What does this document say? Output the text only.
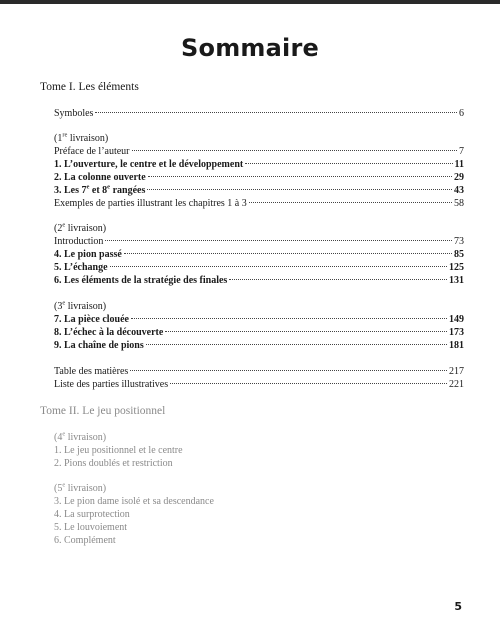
Sommaire
Tome I. Les éléments
Symboles	6
(1re livraison)
Préface de l’auteur	7
1. L’ouverture, le centre et le développement	11
2. La colonne ouverte	29
3. Les 7e et 8e rangées	43
Exemples de parties illustrant les chapitres 1 à 3	58
(2e livraison)
Introduction	73
4. Le pion passé	85
5. L’échange	125
6. Les éléments de la stratégie des finales	131
(3e livraison)
7. La pièce clouée	149
8. L’échec à la découverte	173
9. La chaîne de pions	181
Table des matières	217
Liste des parties illustratives	221
Tome II. Le jeu positionnel
(4e livraison)
1. Le jeu positionnel et le centre
2. Pions doublés et restriction
(5e livraison)
3. Le pion dame isolé et sa descendance
4. La surprotection
5. Le louvoiement
6. Complément
5
